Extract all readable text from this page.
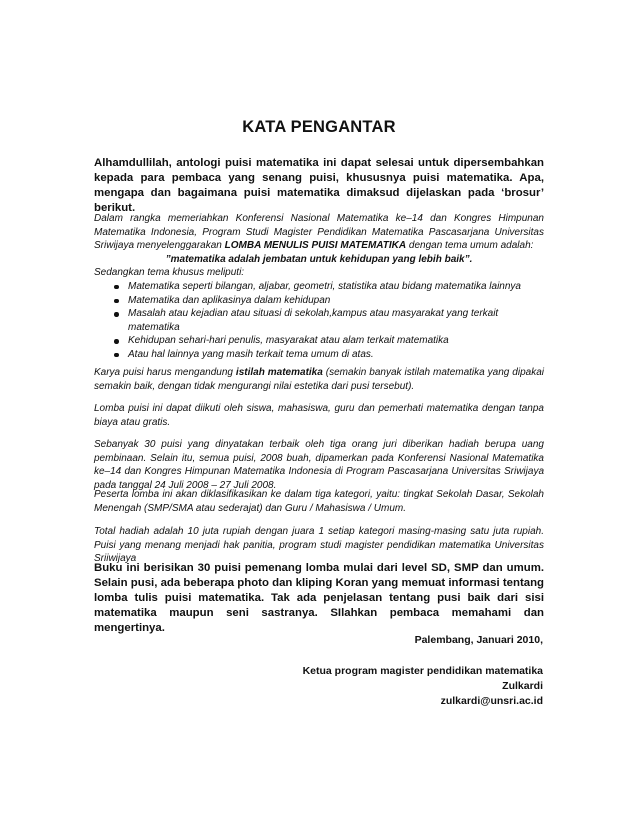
KATA PENGANTAR

Alhamdullilah, antologi puisi matematika ini dapat selesai untuk dipersembahkan kepada para pembaca yang senang puisi, khususnya puisi matematika. Apa, mengapa dan bagaimana puisi matematika dimaksud dijelaskan pada ‘brosur’ berikut.

Dalam rangka memeriahkan Konferensi Nasional Matematika ke–14 dan Kongres Himpunan Matematika Indonesia, Program Studi Magister Pendidikan Matematika Pascasarjana Universitas Sriwijaya menyelenggarakan LOMBA MENULIS PUISI MATEMATIKA dengan tema umum adalah:

”matematika adalah jembatan untuk kehidupan yang lebih baik”.

Sedangkan tema khusus meliputi:

Matematika seperti bilangan, aljabar, geometri, statistika atau bidang matematika lainnya
Matematika dan aplikasinya dalam kehidupan
Masalah atau kejadian atau situasi di sekolah,kampus atau masyarakat yang terkait matematika
Kehidupan sehari-hari penulis, masyarakat atau alam terkait matematika
Atau hal lainnya yang masih terkait tema umum di atas.

Karya puisi harus mengandung istilah matematika (semakin banyak istilah matematika yang dipakai semakin baik, dengan tidak mengurangi nilai estetika dari pusi tersebut).

Lomba puisi ini dapat diikuti oleh siswa, mahasiswa, guru dan pemerhati matematika dengan tanpa biaya atau gratis.

Sebanyak 30 puisi yang dinyatakan terbaik oleh tiga orang juri diberikan hadiah berupa uang pembinaan. Selain itu, semua puisi, 2008 buah, dipamerkan pada Konferensi Nasional Matematika ke–14 dan Kongres Himpunan Matematika Indonesia di Program Pascasarjana Universitas Sriwijaya pada tanggal 24 Juli 2008 – 27 Juli 2008.

Peserta lomba ini akan diklasifikasikan ke dalam tiga kategori, yaitu: tingkat Sekolah Dasar, Sekolah Menengah (SMP/SMA atau sederajat) dan Guru / Mahasiswa / Umum.

Total hadiah adalah 10 juta rupiah dengan juara 1 setiap kategori masing-masing satu juta rupiah. Puisi yang menang menjadi hak panitia, program studi magister pendidikan matematika Universitas Sriiwijaya

Buku ini berisikan 30 puisi pemenang lomba mulai dari level SD, SMP dan umum. Selain pusi, ada beberapa photo dan kliping Koran yang memuat informasi tentang lomba tulis puisi matematika. Tak ada penjelasan tentang pusi baik dari sisi matematika maupun seni sastranya. SIlahkan pembaca memahami dan mengertinya.

Palembang, Januari 2010,
Ketua program magister pendidikan matematika
Zulkardi
zulkardi@unsri.ac.id
